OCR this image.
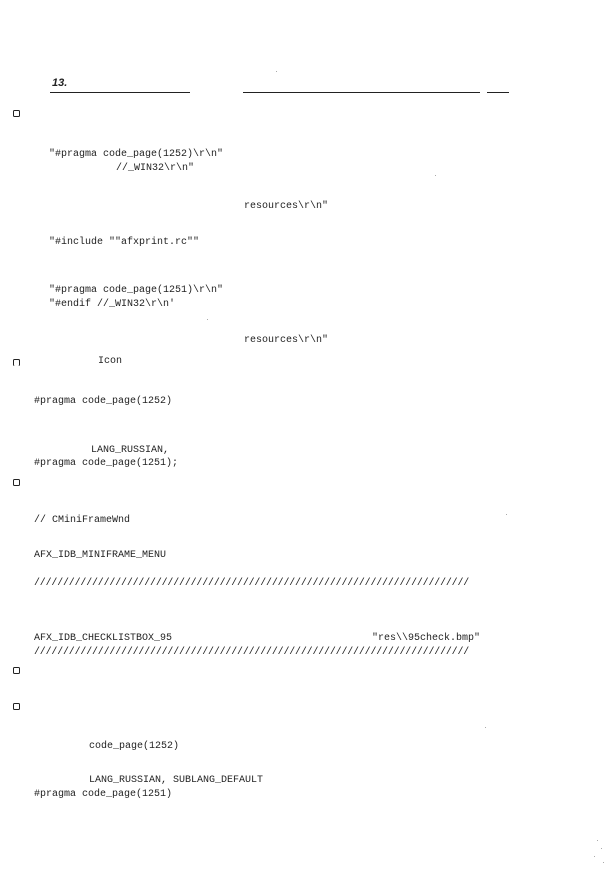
13.
"#pragma code_page(1252)\r\n"
//_WIN32\r\n"
resources\r\n"
"#include ""afxprint.rc""
"#pragma code_page(1251)\r\n"
"#endif //_WIN32\r\n'
resources\r\n"
Icon
#pragma code_page(1252)
LANG_RUSSIAN,
#pragma code_page(1251);
// CMiniFrameWnd
AFX_IDB_MINIFRAME_MENU
///////////////////////////////////////////////////////////////////////////
AFX_IDB_CHECKLISTBOX_95	"res\\95check.bmp"
///////////////////////////////////////////////////////////////////////////
code_page(1252)
LANG_RUSSIAN, SUBLANG_DEFAULT
#pragma code_page(1251)
